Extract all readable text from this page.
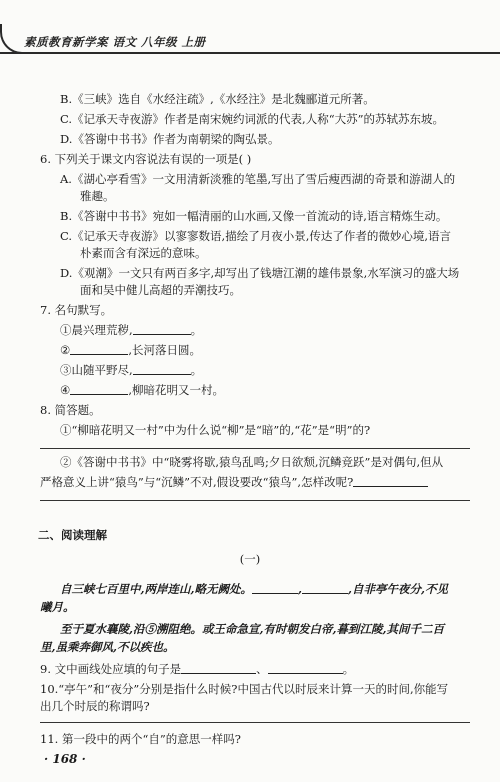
素质教育新学案 语文 八年级 上册
B.《三峡》选自《水经注疏》,《水经注》是北魏郦道元所著。
C.《记承天寺夜游》作者是南宋婉约词派的代表,人称“大苏”的苏轼苏东坡。
D.《答谢中书书》作者为南朝梁的陶弘景。
6. 下列关于课文内容说法有误的一项是( )
A.《湖心亭看雪》一文用清新淡雅的笔墨,写出了雪后瘦西湖的奇景和游湖人的
雅趣。
B.《答谢中书书》宛如一幅清丽的山水画,又像一首流动的诗,语言精炼生动。
C.《记承天寺夜游》以寥寥数语,描绘了月夜小景,传达了作者的微妙心境,语言
朴素而含有深远的意味。
D.《观潮》一文只有两百多字,却写出了钱塘江潮的雄伟景象,水军演习的盛大场
面和吴中健儿高超的弄潮技巧。
7. 名句默写。
①晨兴理荒秽,	。
②	,长河落日圆。
③山随平野尽,	。
④	,柳暗花明又一村。
8. 简答题。
①“柳暗花明又一村”中为什么说“柳”是“暗”的,“花”是“明”的?
②《答谢中书书》中“晓雾将歇,猿鸟乱鸣;夕日欲颓,沉鳞竞跃”是对偶句,但从
严格意义上讲“猿鸟”与“沉鳞”不对,假设要改“猿鸟”,怎样改呢?
二、阅读理解
(一)
自三峡七百里中,两岸连山,略无阙处。	,	,自非亭午夜分,不见
曦月。
至于夏水襄陵,沿⑤溯阻绝。或王命急宣,有时朝发白帝,暮到江陵,其间千二百
里,虽乘奔御风,不以疾也。
9. 文中画线处应填的句子是	、	。
10.“亭午”和“夜分”分别是指什么时候?中国古代以时辰来计算一天的时间,你能写
出几个时辰的称谓吗?
11. 第一段中的两个“自”的意思一样吗?
· 168 ·
